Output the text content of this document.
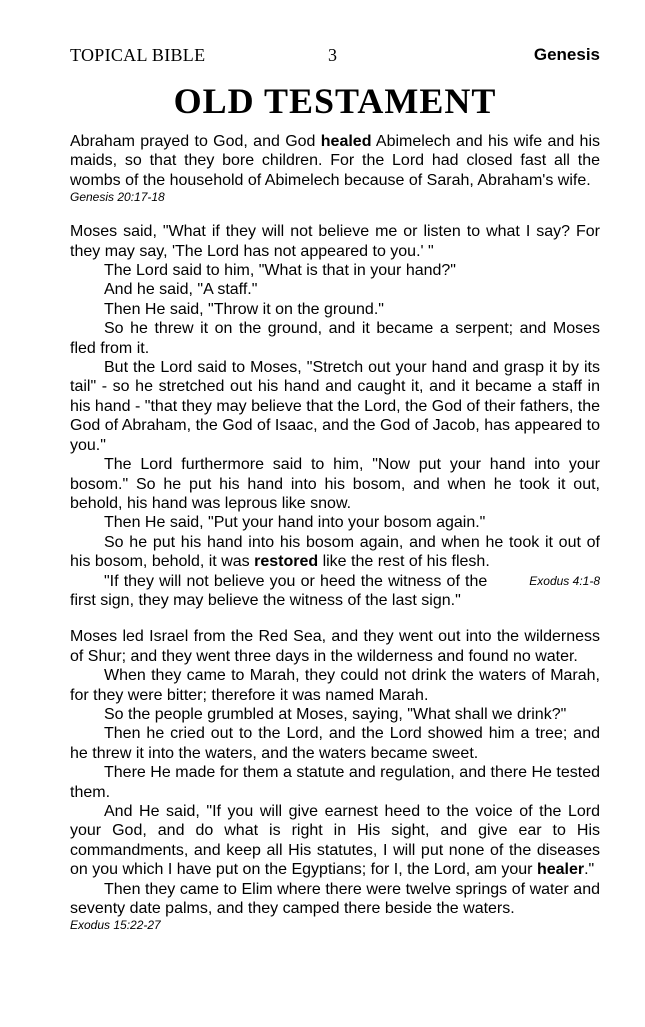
TOPICAL BIBLE	3	Genesis
OLD TESTAMENT

Abraham prayed to God, and God healed Abimelech and his wife and his maids, so that they bore children. For the Lord had closed fast all the wombs of the household of Abimelech because of Sarah, Abraham's wife.

Genesis 20:17-18

Moses said, "What if they will not believe me or listen to what I say? For they may say, 'The Lord has not appeared to you.' "

The Lord said to him, "What is that in your hand?"

And he said, "A staff."

Then He said, "Throw it on the ground."

So he threw it on the ground, and it became a serpent; and Moses fled from it.

But the Lord said to Moses, "Stretch out your hand and grasp it by its tail" - so he stretched out his hand and caught it, and it became a staff in his hand - "that they may believe that the Lord, the God of their fathers, the God of Abraham, the God of Isaac, and the God of Jacob, has appeared to you."

The Lord furthermore said to him, "Now put your hand into your bosom." So he put his hand into his bosom, and when he took it out, behold, his hand was leprous like snow.

Then He said, "Put your hand into your bosom again."

So he put his hand into his bosom again, and when he took it out of his bosom, behold, it was restored like the rest of his flesh.

Exodus 4:1-8
"If they will not believe you or heed the witness of the first sign, they may believe the witness of the last sign."

Moses led Israel from the Red Sea, and they went out into the wilderness of Shur; and they went three days in the wilderness and found no water.

When they came to Marah, they could not drink the waters of Marah, for they were bitter; therefore it was named Marah.

So the people grumbled at Moses, saying, "What shall we drink?"

Then he cried out to the Lord, and the Lord showed him a tree; and he threw it into the waters, and the waters became sweet.

There He made for them a statute and regulation, and there He tested them.

And He said, "If you will give earnest heed to the voice of the Lord your God, and do what is right in His sight, and give ear to His commandments, and keep all His statutes, I will put none of the diseases on you which I have put on the Egyptians; for I, the Lord, am your healer."

Then they came to Elim where there were twelve springs of water and seventy date palms, and they camped there beside the waters.

Exodus 15:22-27
